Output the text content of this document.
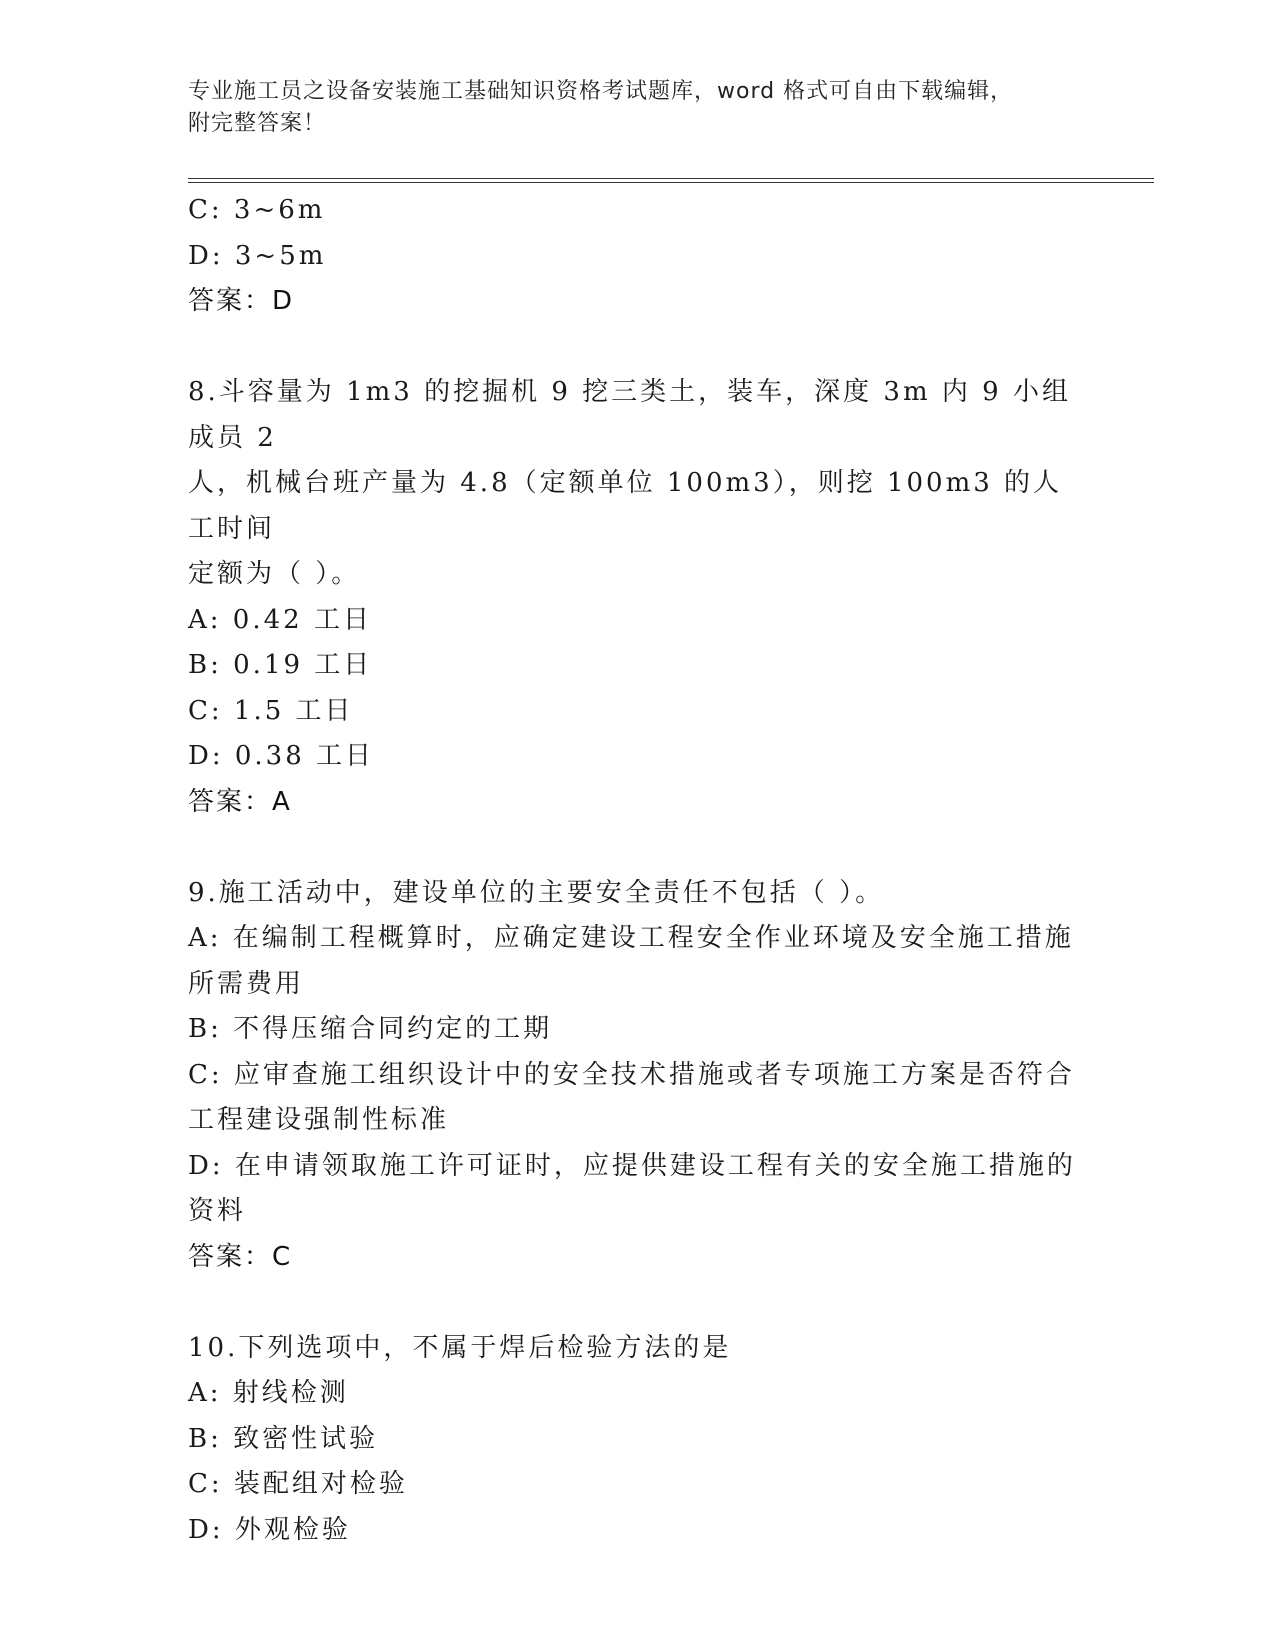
专业施工员之设备安装施工基础知识资格考试题库，word 格式可自由下载编辑，
附完整答案！

C: 3~6m

D: 3~5m

答案：D

8.斗容量为 1m3 的挖掘机 9 挖三类土，装车，深度 3m 内 9 小组成员 2

人，机械台班产量为 4.8（定额单位 100m3），则挖 100m3 的人工时间

定额为（ ）。

A: 0.42 工日

B: 0.19 工日

C: 1.5 工日

D: 0.38 工日

答案：A

9.施工活动中，建设单位的主要安全责任不包括（ ）。

A: 在编制工程概算时，应确定建设工程安全作业环境及安全施工措施

所需费用

B: 不得压缩合同约定的工期

C: 应审查施工组织设计中的安全技术措施或者专项施工方案是否符合

工程建设强制性标准

D: 在申请领取施工许可证时，应提供建设工程有关的安全施工措施的

资料

答案：C

10.下列选项中，不属于焊后检验方法的是

A: 射线检测

B: 致密性试验

C: 装配组对检验

D: 外观检验
